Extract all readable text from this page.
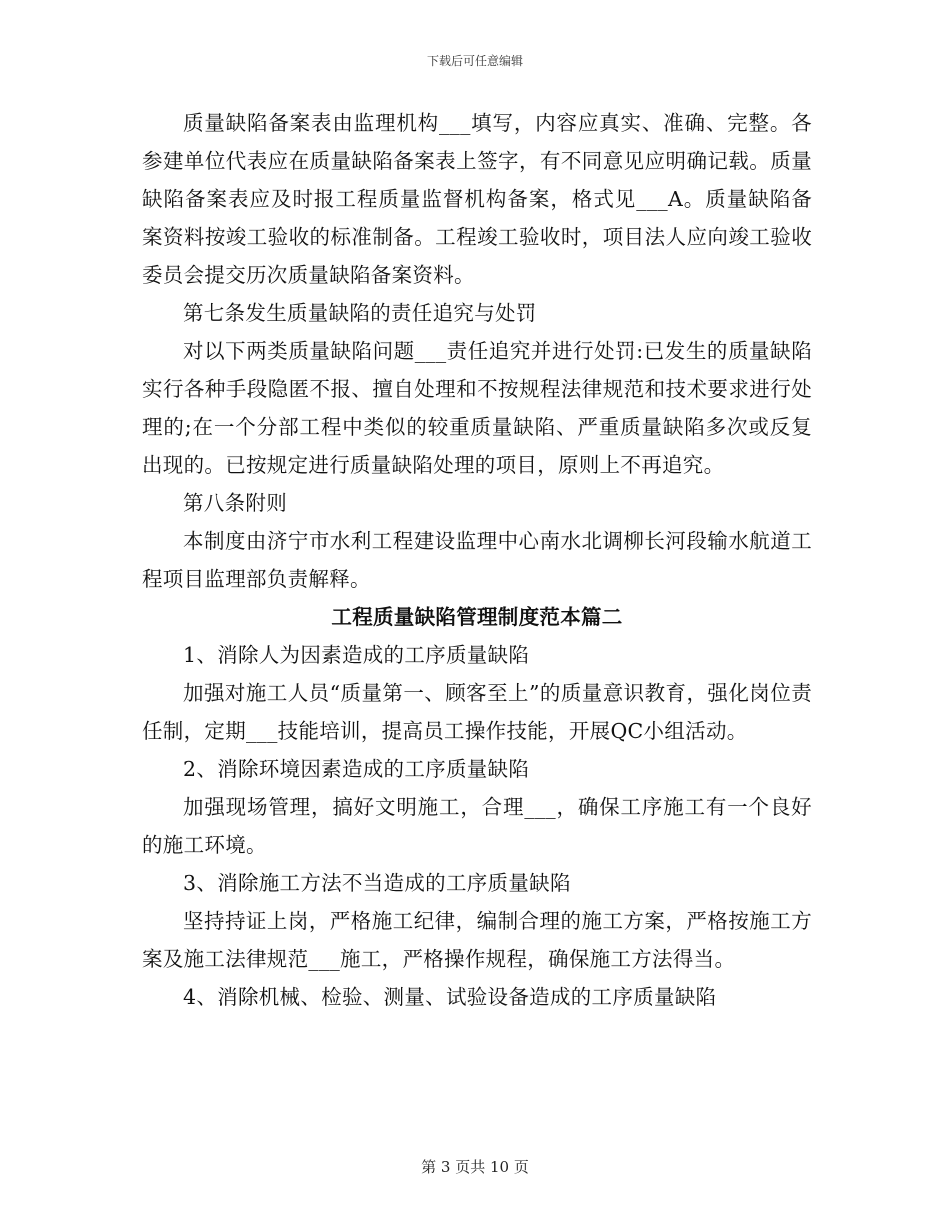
下载后可任意编辑

质量缺陷备案表由监理机构___填写，内容应真实、准确、完整。各参建单位代表应在质量缺陷备案表上签字，有不同意见应明确记载。质量缺陷备案表应及时报工程质量监督机构备案，格式见___A。质量缺陷备案资料按竣工验收的标准制备。工程竣工验收时，项目法人应向竣工验收委员会提交历次质量缺陷备案资料。

第七条发生质量缺陷的责任追究与处罚

对以下两类质量缺陷问题___责任追究并进行处罚:已发生的质量缺陷实行各种手段隐匿不报、擅自处理和不按规程法律规范和技术要求进行处理的;在一个分部工程中类似的较重质量缺陷、严重质量缺陷多次或反复出现的。已按规定进行质量缺陷处理的项目，原则上不再追究。

第八条附则

本制度由济宁市水利工程建设监理中心南水北调柳长河段输水航道工程项目监理部负责解释。

工程质量缺陷管理制度范本篇二

1、消除人为因素造成的工序质量缺陷

加强对施工人员“质量第一、顾客至上”的质量意识教育，强化岗位责任制，定期___技能培训，提高员工操作技能，开展QC小组活动。

2、消除环境因素造成的工序质量缺陷

加强现场管理，搞好文明施工，合理___，确保工序施工有一个良好的施工环境。

3、消除施工方法不当造成的工序质量缺陷

坚持持证上岗，严格施工纪律，编制合理的施工方案，严格按施工方案及施工法律规范___施工，严格操作规程，确保施工方法得当。

4、消除机械、检验、测量、试验设备造成的工序质量缺陷

第 3 页共 10 页
